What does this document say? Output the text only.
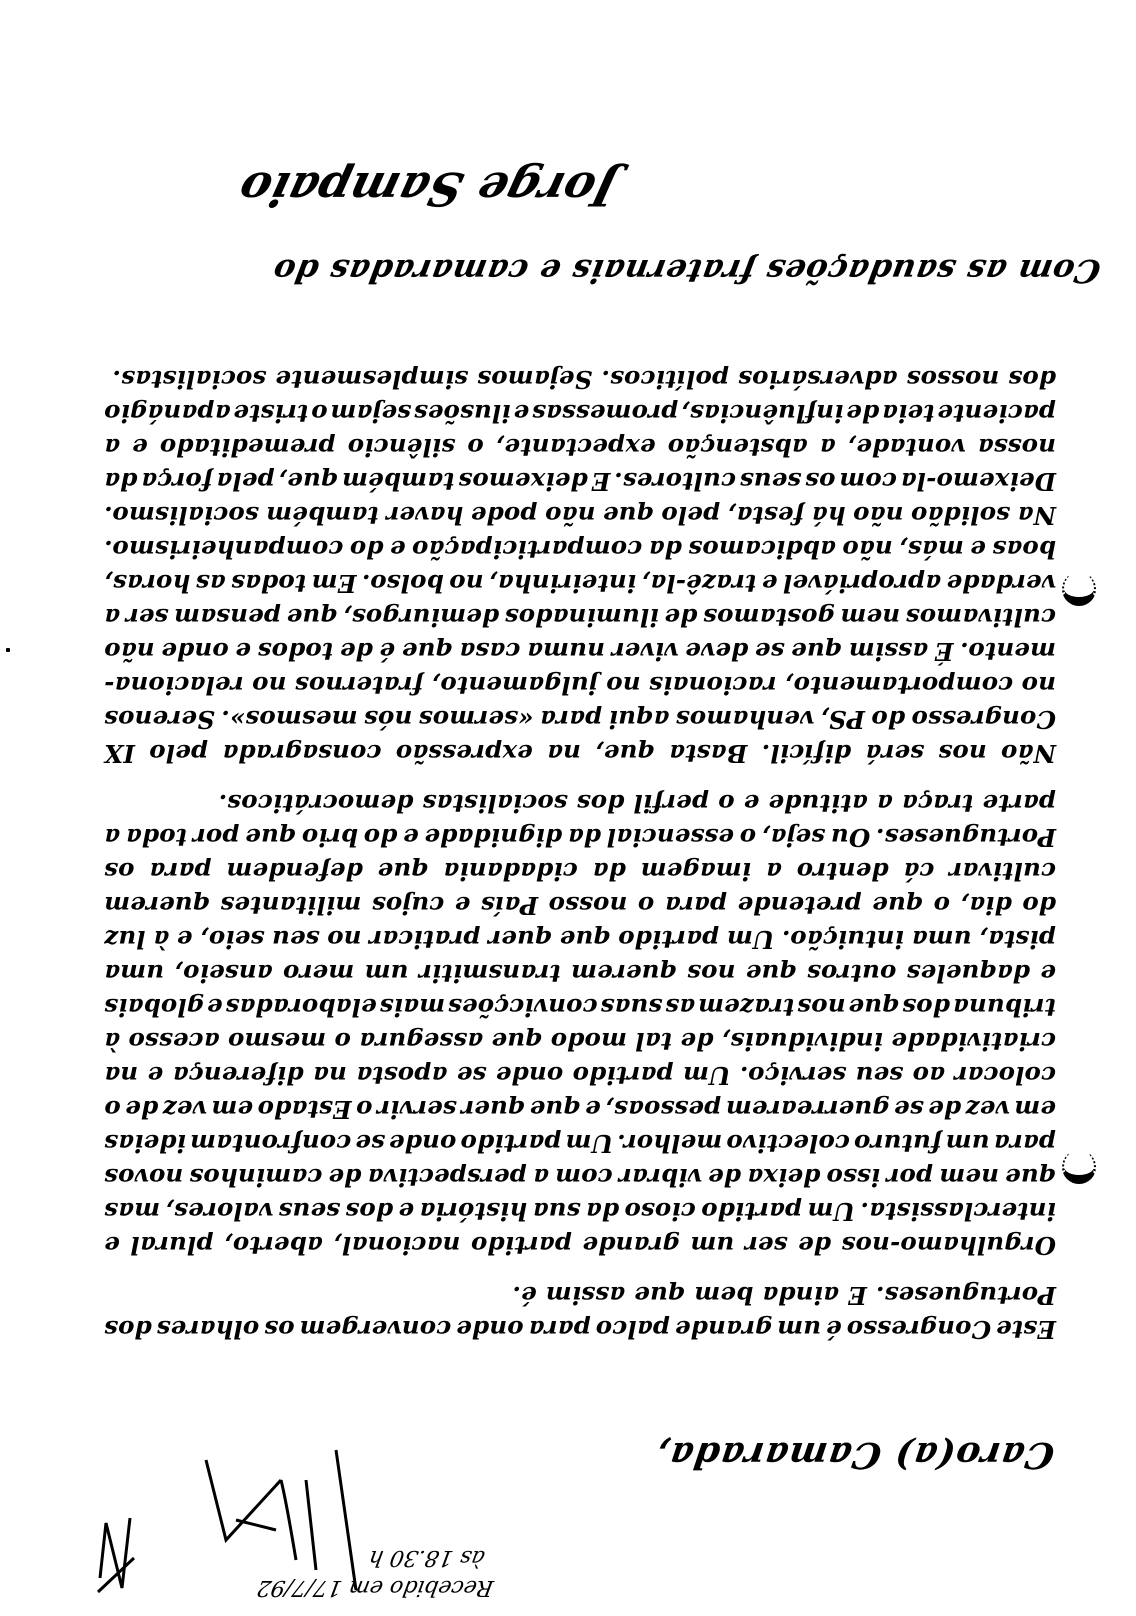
Recebido em 17/7/92
às 18.30 h
Caro(a) Camarada,
Este
Congresso
é
um
grande
palco
para
onde
convergem
os
olhares
dos
Portugueses.
E
ainda
bem
que
assim
é.
Orgulhamo-nos
de
ser
um
grande
partido
nacional,
aberto,
plural
e
interclassista.
Um
partido
cioso
da
sua
história
e
dos
seus
valores,
mas
que
nem
por
isso
deixa
de
vibrar
com
a
perspectiva
de
caminhos
novos
para
um
futuro
colectivo
melhor.
Um
partido
onde
se
confrontam
ideias
em
vez
de
se
guerrearem
pessoas,
e
que
quer
servir
o
Estado
em
vez
de
o
colocar
ao
seu
serviço.
Um
partido
onde
se
aposta
na
diferença
e
na
criatividade
individuais,
de
tal
modo
que
assegura
o
mesmo
acesso
à
tribuna
dos
que
nos
trazem
as
suas
convicções
mais
elaboradas
e
globais
e
daqueles
outros
que
nos
querem
transmitir
um
mero
anseio,
uma
pista,
uma
intuição.
Um
partido
que
quer
praticar
no
seu
seio,
e
à
luz
do
dia,
o
que
pretende
para
o
nosso
País
e
cujos
militantes
querem
cultivar
cá
dentro
a
imagem
da
cidadania
que
defendem
para
os
Portugueses.
Ou
seja,
o
essencial
da
dignidade
e
do
brio
que
por
toda
a
parte
traça
a
atitude
e
o
perfil
dos
socialistas
democráticos.
Não
nos
será
difícil.
Basta
que,
na
expressão
consagrada
pelo
IX
Congresso
do
PS,
venhamos
aqui
para
«sermos
nós
mesmos».
Serenos
no
comportamento,
racionais
no
julgamento,
fraternos
no
relaciona-
mento.
É
assim
que
se
deve
viver
numa
casa
que
é
de
todos
e
onde
não
cultivamos
nem
gostamos
de
iluminados
demiurgos,
que
pensam
ser
a
verdade
apropriável
e
trazê-la,
inteirinha,
no
bolso.
Em
todas
as
horas,
boas
e
más,
não
abdicamos
da
comparticipação
e
do
companheirismo.
Na
solidão
não
há
festa,
pelo
que
não
pode
haver
também
socialismo.
Deixemo-la
com
os
seus
cultores.
E
deixemos
também
que,
pela
força
da
nossa
vontade,
a
abstenção
expectante,
o
silêncio
premeditado
e
a
paciente
teia
de
influências,
promessas
e
ilusões
sejam
o
triste
apanágio
dos
nossos
adversários
políticos.
Sejamos
simplesmente
socialistas.
Com as saudações fraternais e camaradas do
Jorge Sampaio
